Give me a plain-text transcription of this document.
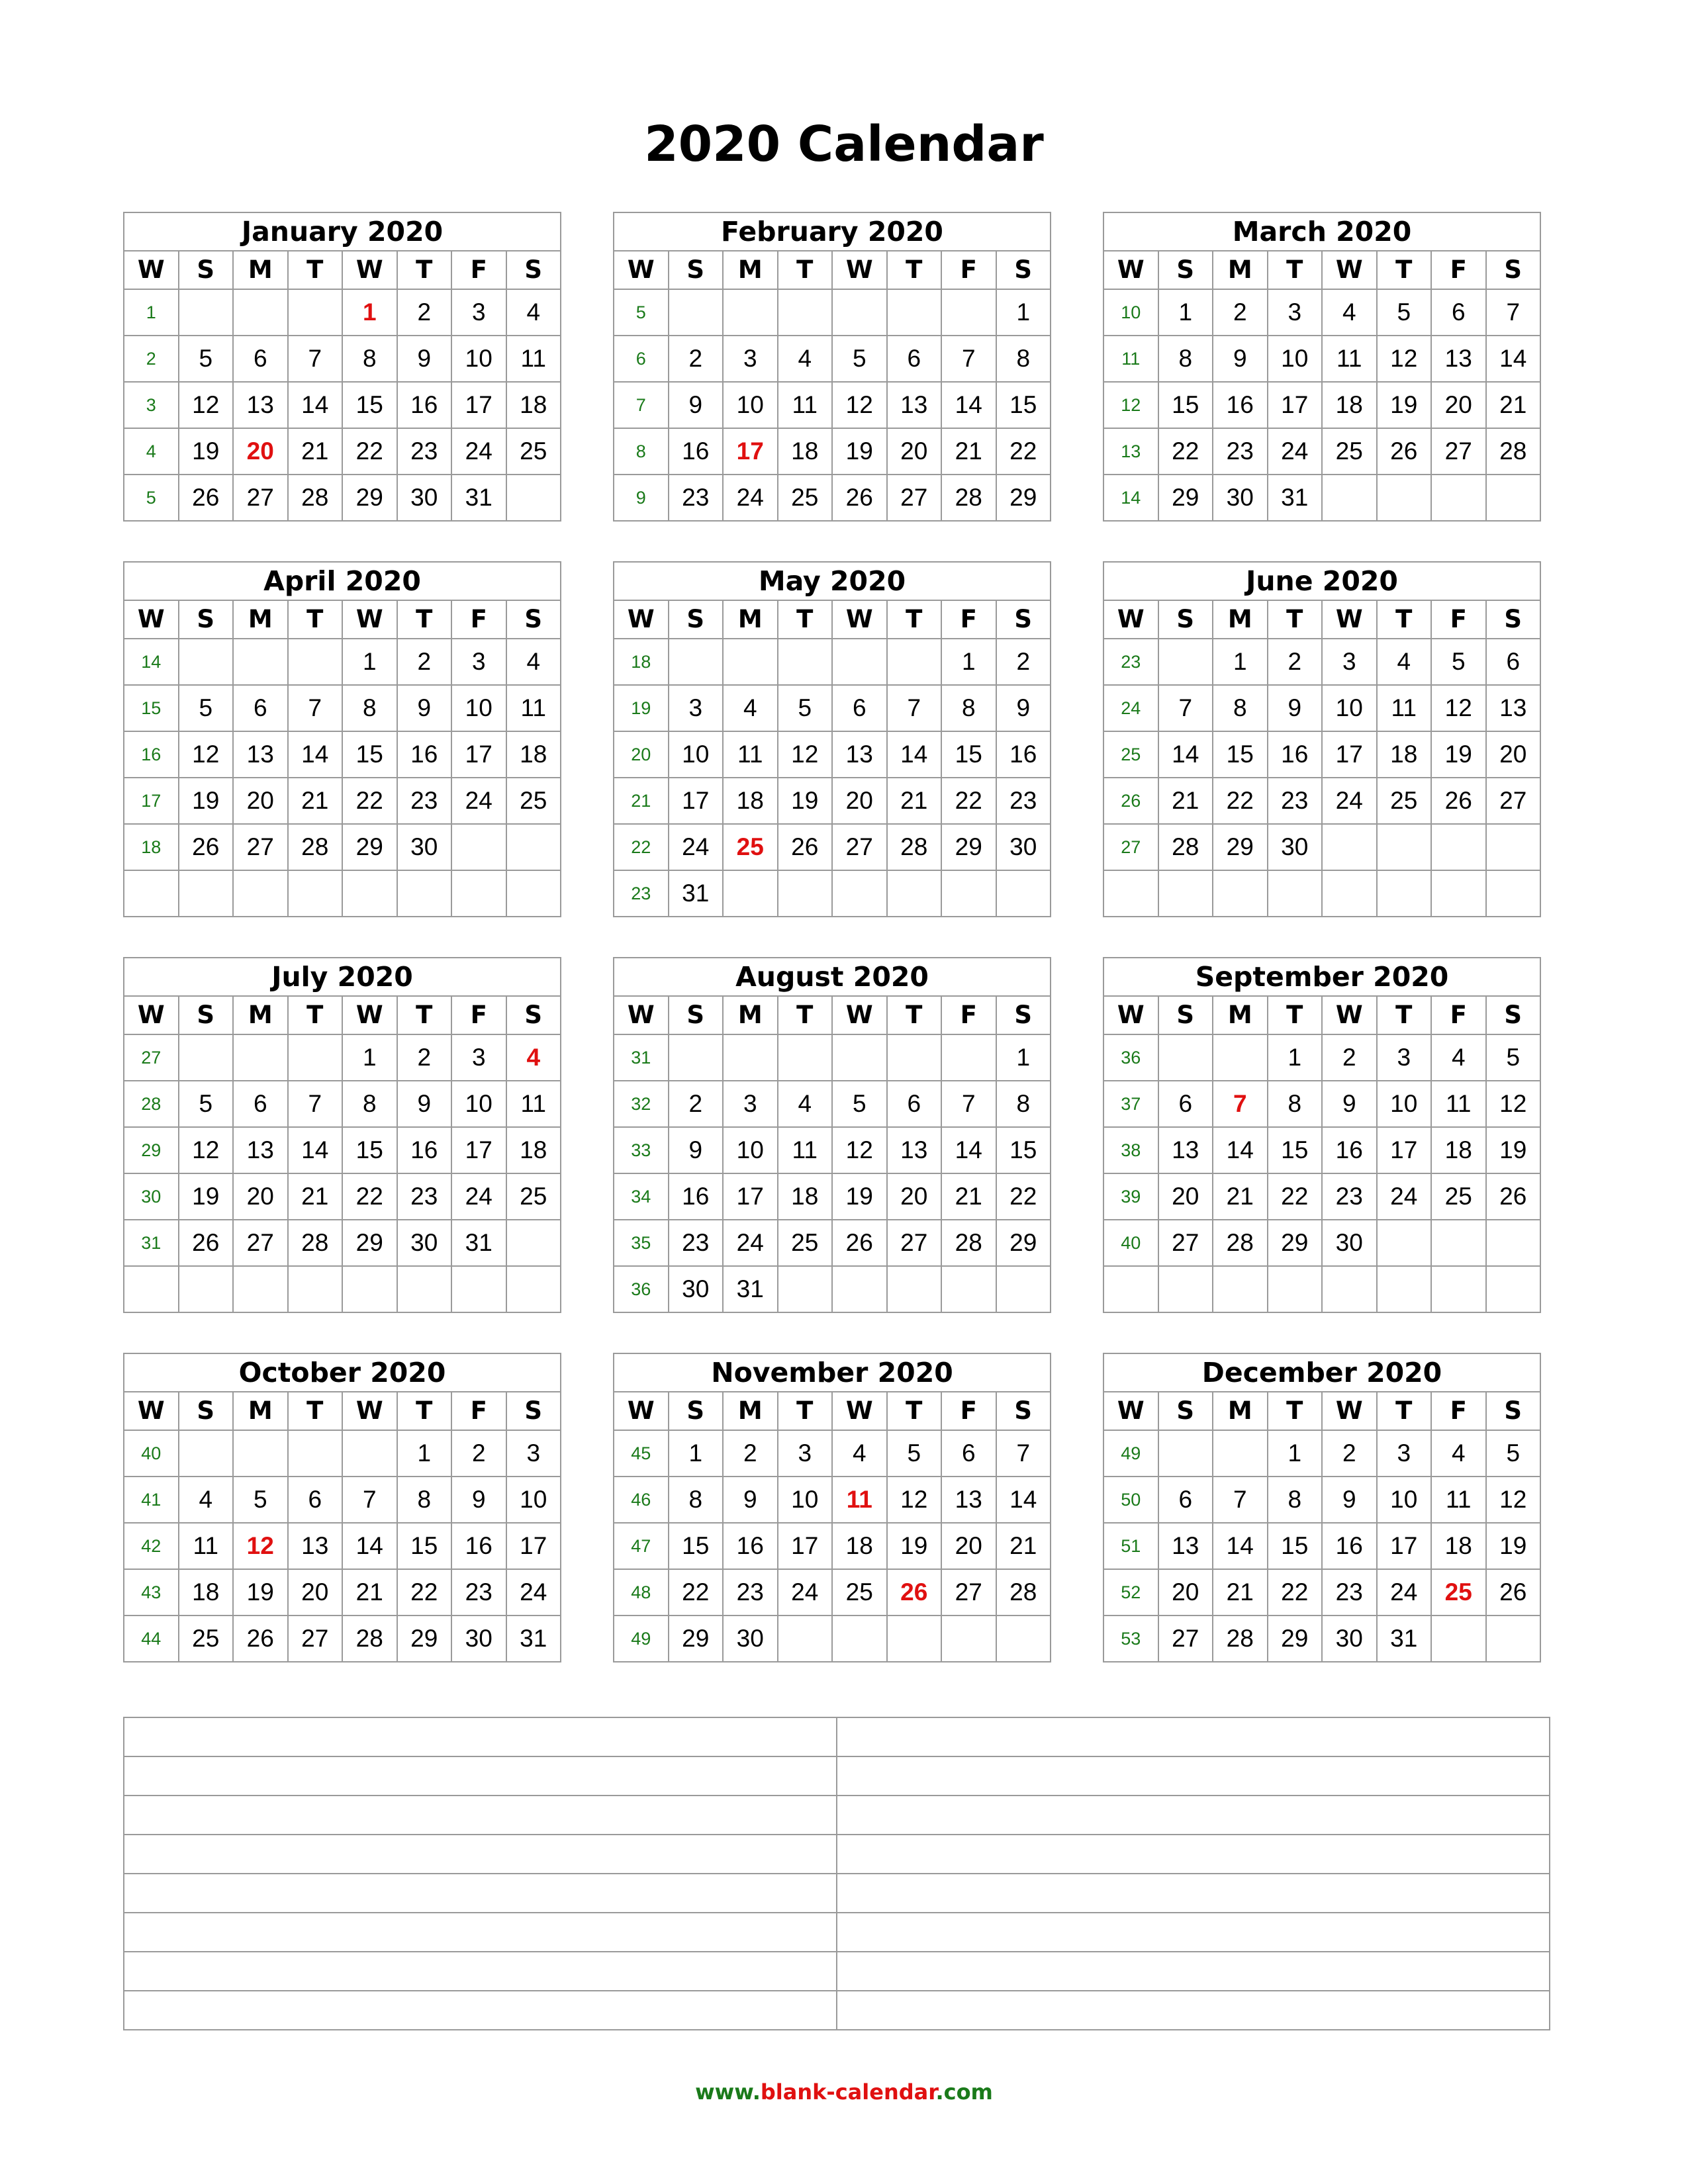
2020 Calendar
January 2020							
W	S	M	T	W	T	F	S
1				1	2	3	4
2	5	6	7	8	9	10	11
3	12	13	14	15	16	17	18
4	19	20	21	22	23	24	25
5	26	27	28	29	30	31	
February 2020							
W	S	M	T	W	T	F	S
5							1
6	2	3	4	5	6	7	8
7	9	10	11	12	13	14	15
8	16	17	18	19	20	21	22
9	23	24	25	26	27	28	29
March 2020							
W	S	M	T	W	T	F	S
10	1	2	3	4	5	6	7
11	8	9	10	11	12	13	14
12	15	16	17	18	19	20	21
13	22	23	24	25	26	27	28
14	29	30	31				
April 2020							
W	S	M	T	W	T	F	S
14				1	2	3	4
15	5	6	7	8	9	10	11
16	12	13	14	15	16	17	18
17	19	20	21	22	23	24	25
18	26	27	28	29	30		

May 2020							
W	S	M	T	W	T	F	S
18						1	2
19	3	4	5	6	7	8	9
20	10	11	12	13	14	15	16
21	17	18	19	20	21	22	23
22	24	25	26	27	28	29	30
23	31						
June 2020							
W	S	M	T	W	T	F	S
23		1	2	3	4	5	6
24	7	8	9	10	11	12	13
25	14	15	16	17	18	19	20
26	21	22	23	24	25	26	27
27	28	29	30				

July 2020							
W	S	M	T	W	T	F	S
27				1	2	3	4
28	5	6	7	8	9	10	11
29	12	13	14	15	16	17	18
30	19	20	21	22	23	24	25
31	26	27	28	29	30	31	

August 2020							
W	S	M	T	W	T	F	S
31							1
32	2	3	4	5	6	7	8
33	9	10	11	12	13	14	15
34	16	17	18	19	20	21	22
35	23	24	25	26	27	28	29
36	30	31					
September 2020							
W	S	M	T	W	T	F	S
36			1	2	3	4	5
37	6	7	8	9	10	11	12
38	13	14	15	16	17	18	19
39	20	21	22	23	24	25	26
40	27	28	29	30			

October 2020							
W	S	M	T	W	T	F	S
40					1	2	3
41	4	5	6	7	8	9	10
42	11	12	13	14	15	16	17
43	18	19	20	21	22	23	24
44	25	26	27	28	29	30	31
November 2020							
W	S	M	T	W	T	F	S
45	1	2	3	4	5	6	7
46	8	9	10	11	12	13	14
47	15	16	17	18	19	20	21
48	22	23	24	25	26	27	28
49	29	30					
December 2020							
W	S	M	T	W	T	F	S
49			1	2	3	4	5
50	6	7	8	9	10	11	12
51	13	14	15	16	17	18	19
52	20	21	22	23	24	25	26
53	27	28	29	30	31		

www.blank-calendar.com
